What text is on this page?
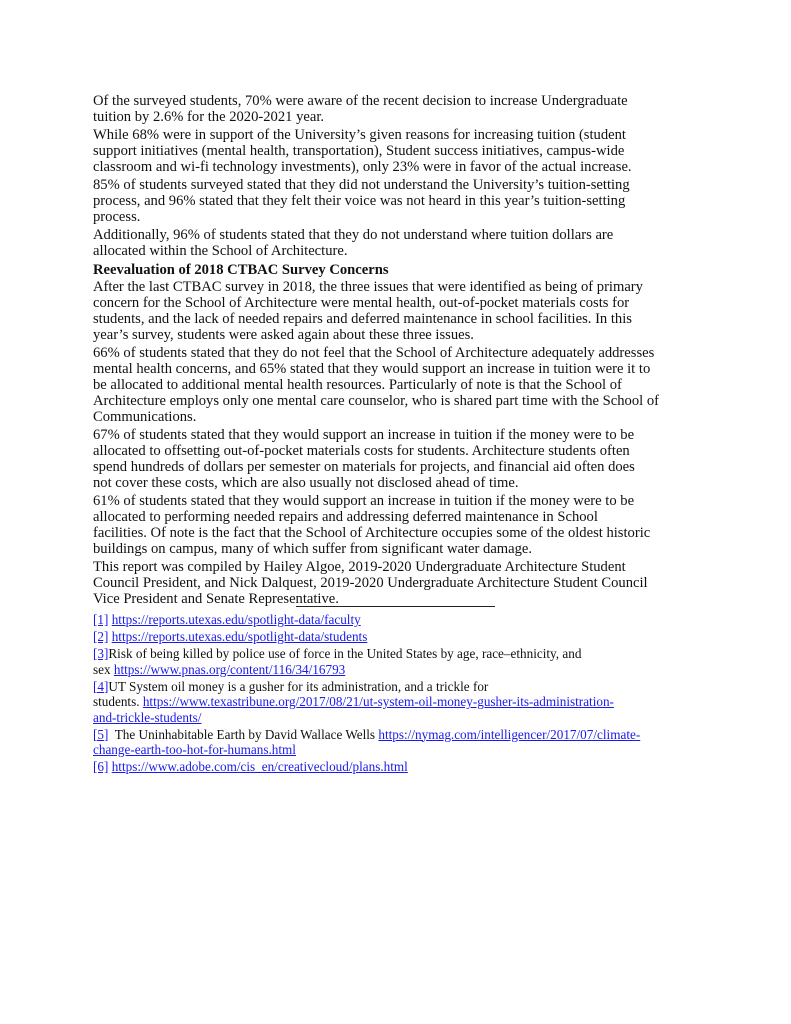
Of the surveyed students, 70% were aware of the recent decision to increase Undergraduate
tuition by 2.6% for the 2020-2021 year.
While 68% were in support of the University’s given reasons for increasing tuition (student
support initiatives (mental health, transportation), Student success initiatives, campus-wide
classroom and wi-fi technology investments), only 23% were in favor of the actual increase.
85% of students surveyed stated that they did not understand the University’s tuition-setting
process, and 96% stated that they felt their voice was not heard in this year’s tuition-setting
process.
Additionally, 96% of students stated that they do not understand where tuition dollars are
allocated within the School of Architecture.
Reevaluation of 2018 CTBAC Survey Concerns
After the last CTBAC survey in 2018, the three issues that were identified as being of primary
concern for the School of Architecture were mental health, out-of-pocket materials costs for
students, and the lack of needed repairs and deferred maintenance in school facilities. In this
year’s survey, students were asked again about these three issues.
66% of students stated that they do not feel that the School of Architecture adequately addresses
mental health concerns, and 65% stated that they would support an increase in tuition were it to
be allocated to additional mental health resources. Particularly of note is that the School of
Architecture employs only one mental care counselor, who is shared part time with the School of
Communications.
67% of students stated that they would support an increase in tuition if the money were to be
allocated to offsetting out-of-pocket materials costs for students. Architecture students often
spend hundreds of dollars per semester on materials for projects, and financial aid often does
not cover these costs, which are also usually not disclosed ahead of time.
61% of students stated that they would support an increase in tuition if the money were to be
allocated to performing needed repairs and addressing deferred maintenance in School
facilities. Of note is the fact that the School of Architecture occupies some of the oldest historic
buildings on campus, many of which suffer from significant water damage.
This report was compiled by Hailey Algoe, 2019-2020 Undergraduate Architecture Student
Council President, and Nick Dalquest, 2019-2020 Undergraduate Architecture Student Council
Vice President and Senate Representative.
[1] https://reports.utexas.edu/spotlight-data/faculty
[2] https://reports.utexas.edu/spotlight-data/students
[3]Risk of being killed by police use of force in the United States by age, race–ethnicity, and
sex https://www.pnas.org/content/116/34/16793
[4]UT System oil money is a gusher for its administration, and a trickle for
students. https://www.texastribune.org/2017/08/21/ut-system-oil-money-gusher-its-administration-
and-trickle-students/
[5]  The Uninhabitable Earth by David Wallace Wells https://nymag.com/intelligencer/2017/07/climate-
change-earth-too-hot-for-humans.html
[6] https://www.adobe.com/cis_en/creativecloud/plans.html
